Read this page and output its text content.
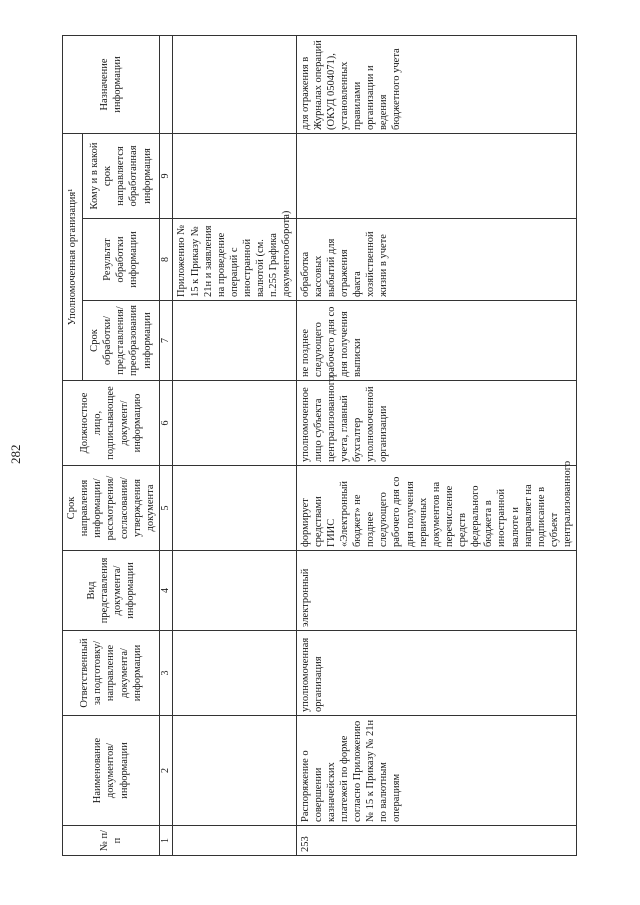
282
№ п/п	Наименование документов/ информации	Ответственный за подготовку/ направление документа/ информации	Вид представления документа/ информации	Срок направления информации/ рассмотрения/ согласования/ утверждения документа	Должностное лицо, подписывающее документ/ информацию	Уполномоченная организация¹			Назначение информации
						Срок обработки/ представления/ преобразования информации	Результат обработки информации	Кому и в какой срок направляется обработанная информация	
1	2	3	4	5	6	7	8	9	
							Приложению № 15 к Приказу № 21н и заявления на проведение операций с иностранной валютой (см. п.255 Графика документооборота)		
253	Распоряжение о совершении казначейских платежей по форме согласно Приложению № 15 к Приказу № 21н по валютным операциям	уполномоченная организация	электронный	формирует средствами ГИИС «Электронный бюджет» не позднее следующего рабочего дня со дня получения первичных документов на перечисление средств федерального бюджета в иностранной валюте и направляет на подписание в субъект централизованного	уполномоченное лицо субъекта централизованного учета, главный бухгалтер уполномоченной организации	не позднее следующего рабочего дня со дня получения выписки	обработка кассовых выбытий для отражения факта хозяйственной жизни в учете		для отражения в Журналах операций (ОКУД 0504071), установленных правилами организации и ведения бюджетного учета
